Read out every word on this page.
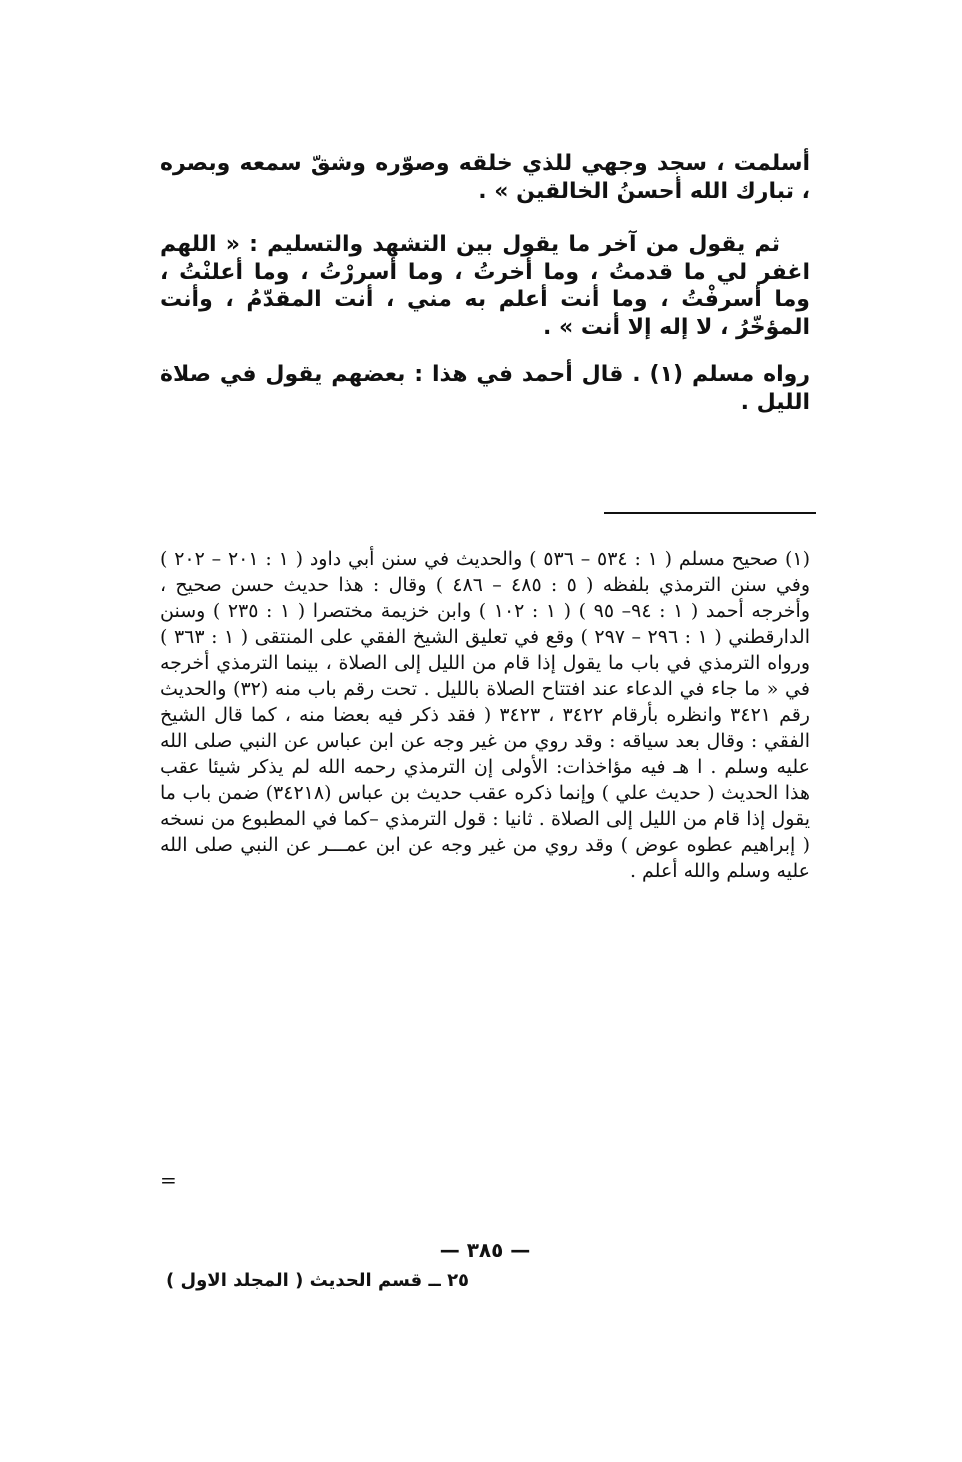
أسلمت ، سجد وجهي للذي خلقه وصوّره وشقّ سمعه وبصره ، تبارك الله أحسنُ الخالقين » .

ثم يقول من آخر ما يقول بين التشهد والتسليم : « اللهم اغفر لي ما قدمتُ ، وما أخرتُ ، وما أسررْتُ ، وما أعلنْتُ ، وما أسرفْتُ ، وما أنت أعلم به مني ، أنت المقدّمُ ، وأنت المؤخّرُ ، لا إله إلا أنت » .

رواه مسلم (١) . قال أحمد في هذا : بعضهم يقول في صلاة الليل .

(١) صحيح مسلم ( ١ : ٥٣٤ – ٥٣٦ ) والحديث في سنن أبي داود ( ١ : ٢٠١ – ٢٠٢ ) وفي سنن الترمذي بلفظه ( ٥ : ٤٨٥ – ٤٨٦ ) وقال : هذا حديث حسن صحيح ، وأخرجه أحمد ( ١ : ٩٤– ٩٥ ) ( ١ : ١٠٢ ) وابن خزيمة مختصرا ( ١ : ٢٣٥ ) وسنن الدارقطني ( ١ : ٢٩٦ – ٢٩٧ ) وقع في تعليق الشيخ الفقي على المنتقى ( ١ : ٣٦٣ ) ورواه الترمذي في باب ما يقول إذا قام من الليل إلى الصلاة ، بينما الترمذي أخرجه في « ما جاء في الدعاء عند افتتاح الصلاة بالليل . تحت رقم باب منه (٣٢) والحديث رقم ٣٤٢١ وانظره بأرقام ٣٤٢٢ ، ٣٤٢٣ ( فقد ذكر فيه بعضا منه ، كما قال الشيخ الفقي : وقال بعد سياقه : وقد روي من غير وجه عن ابن عباس عن النبي صلى الله عليه وسلم . ا هـ فيه مؤاخذات: الأولى إن الترمذي رحمه الله لم يذكر شيئا عقب هذا الحديث ( حديث علي ) وإنما ذكره عقب حديث بن عباس (٣٤٢١٨) ضمن باب ما يقول إذا قام من الليل إلى الصلاة . ثانيا : قول الترمذي –كما في المطبوع من نسخه ( إبراهيم عطوه عوض ) وقد روي من غير وجه عن ابن عمـــر عن النبي صلى الله عليه وسلم والله أعلم .
=
— ٣٨٥ —
٢٥ ــ قسم الحديث ( المجلد الاول )
